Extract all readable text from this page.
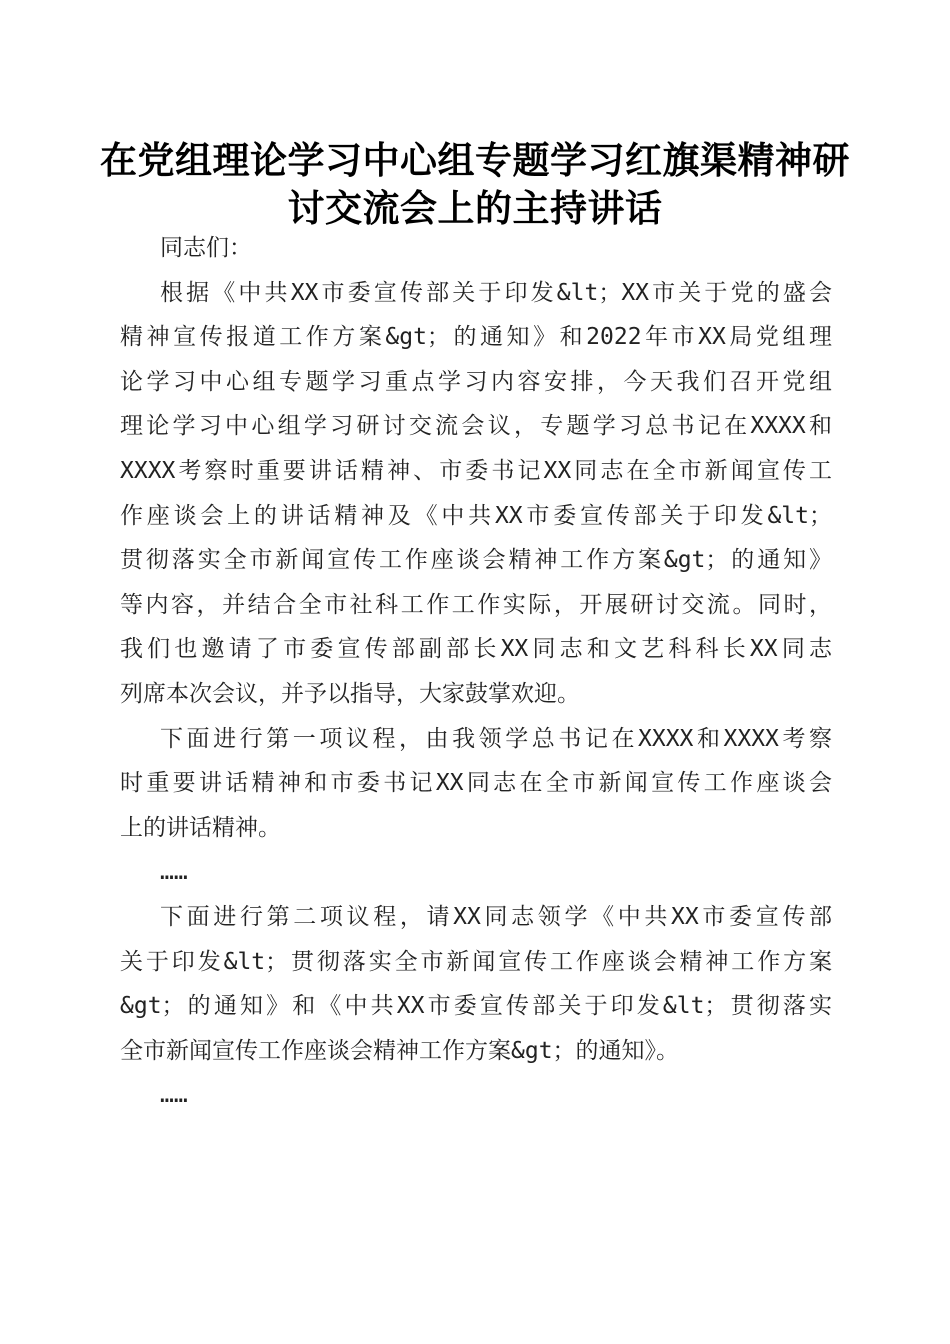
在党组理论学习中心组专题学习红旗渠精神研
讨交流会上的主持讲话
同志们：
根据《中共XX市委宣传部关于印发&lt；XX市关于党的盛会
精神宣传报道工作方案&gt；的通知》和2022年市XX局党组理
论学习中心组专题学习重点学习内容安排，今天我们召开党组
理论学习中心组学习研讨交流会议，专题学习总书记在XXXX和
XXXX考察时重要讲话精神、市委书记XX同志在全市新闻宣传工
作座谈会上的讲话精神及《中共XX市委宣传部关于印发&lt；
贯彻落实全市新闻宣传工作座谈会精神工作方案&gt；的通知》
等内容，并结合全市社科工作工作实际，开展研讨交流。同时，
我们也邀请了市委宣传部副部长XX同志和文艺科科长XX同志
列席本次会议，并予以指导，大家鼓掌欢迎。
下面进行第一项议程，由我领学总书记在XXXX和XXXX考察
时重要讲话精神和市委书记XX同志在全市新闻宣传工作座谈会
上的讲话精神。
……
下面进行第二项议程，请XX同志领学《中共XX市委宣传部
关于印发&lt；贯彻落实全市新闻宣传工作座谈会精神工作方案
&gt；的通知》和《中共XX市委宣传部关于印发&lt；贯彻落实
全市新闻宣传工作座谈会精神工作方案&gt；的通知》。
……
